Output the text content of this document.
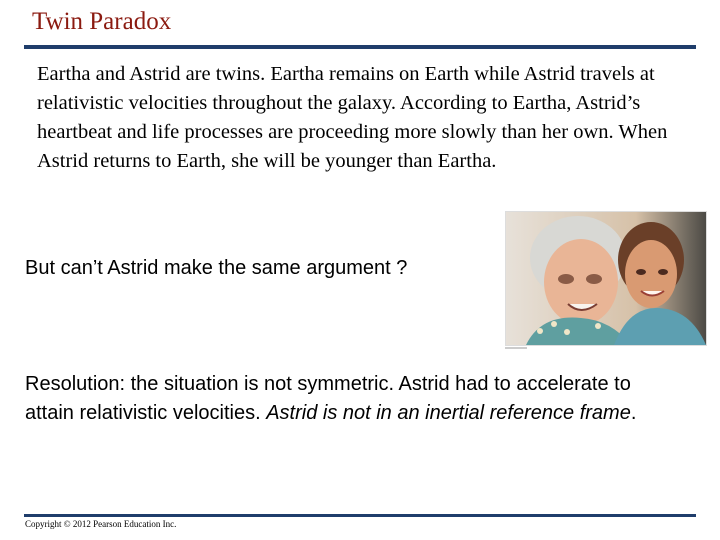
Twin Paradox
Eartha and Astrid are twins. Eartha remains on Earth while Astrid travels at relativistic velocities throughout the galaxy. According to Eartha, Astrid’s heartbeat and life processes are proceeding more slowly than her own. When Astrid returns to Earth, she will be younger than Eartha.
But can’t Astrid make the same argument ?
Resolution: the situation is not symmetric. Astrid had to accelerate to attain relativistic velocities. Astrid is not in an inertial reference frame.
Copyright © 2012 Pearson Education Inc.
